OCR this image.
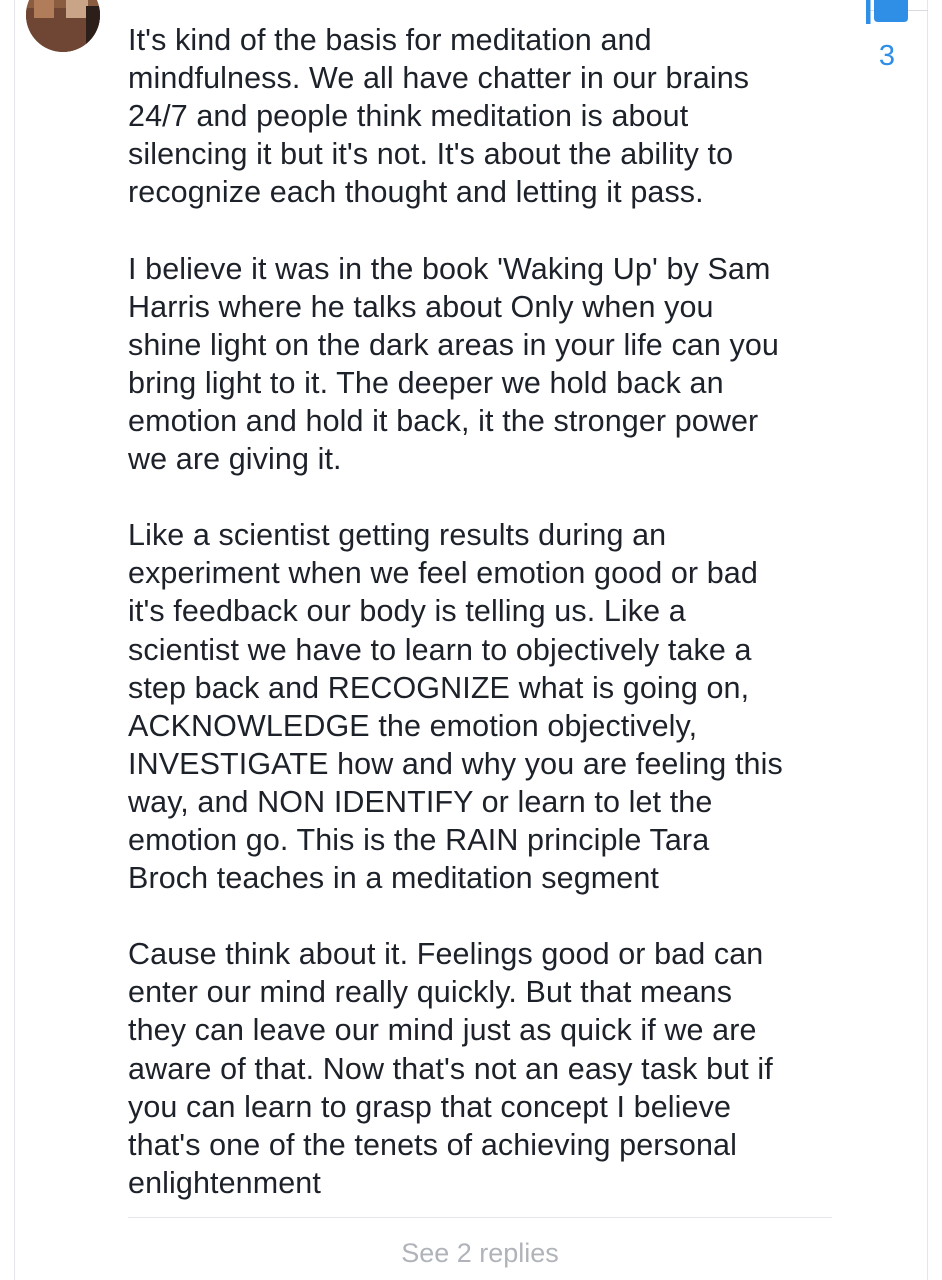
3

It's kind of the basis for meditation and
mindfulness. We all have chatter in our brains
24/7 and people think meditation is about
silencing it but it's not. It's about the ability to
recognize each thought and letting it pass.

I believe it was in the book 'Waking Up' by Sam
Harris where he talks about Only when you
shine light on the dark areas in your life can you
bring light to it. The deeper we hold back an
emotion and hold it back, it the stronger power
we are giving it.

Like a scientist getting results during an
experiment when we feel emotion good or bad
it's feedback our body is telling us. Like a
scientist we have to learn to objectively take a
step back and RECOGNIZE what is going on,
ACKNOWLEDGE the emotion objectively,
INVESTIGATE how and why you are feeling this
way, and NON IDENTIFY or learn to let the
emotion go. This is the RAIN principle Tara
Broch teaches in a meditation segment

Cause think about it. Feelings good or bad can
enter our mind really quickly. But that means
they can leave our mind just as quick if we are
aware of that. Now that's not an easy task but if
you can learn to grasp that concept I believe
that's one of the tenets of achieving personal
enlightenment

See 2 replies
